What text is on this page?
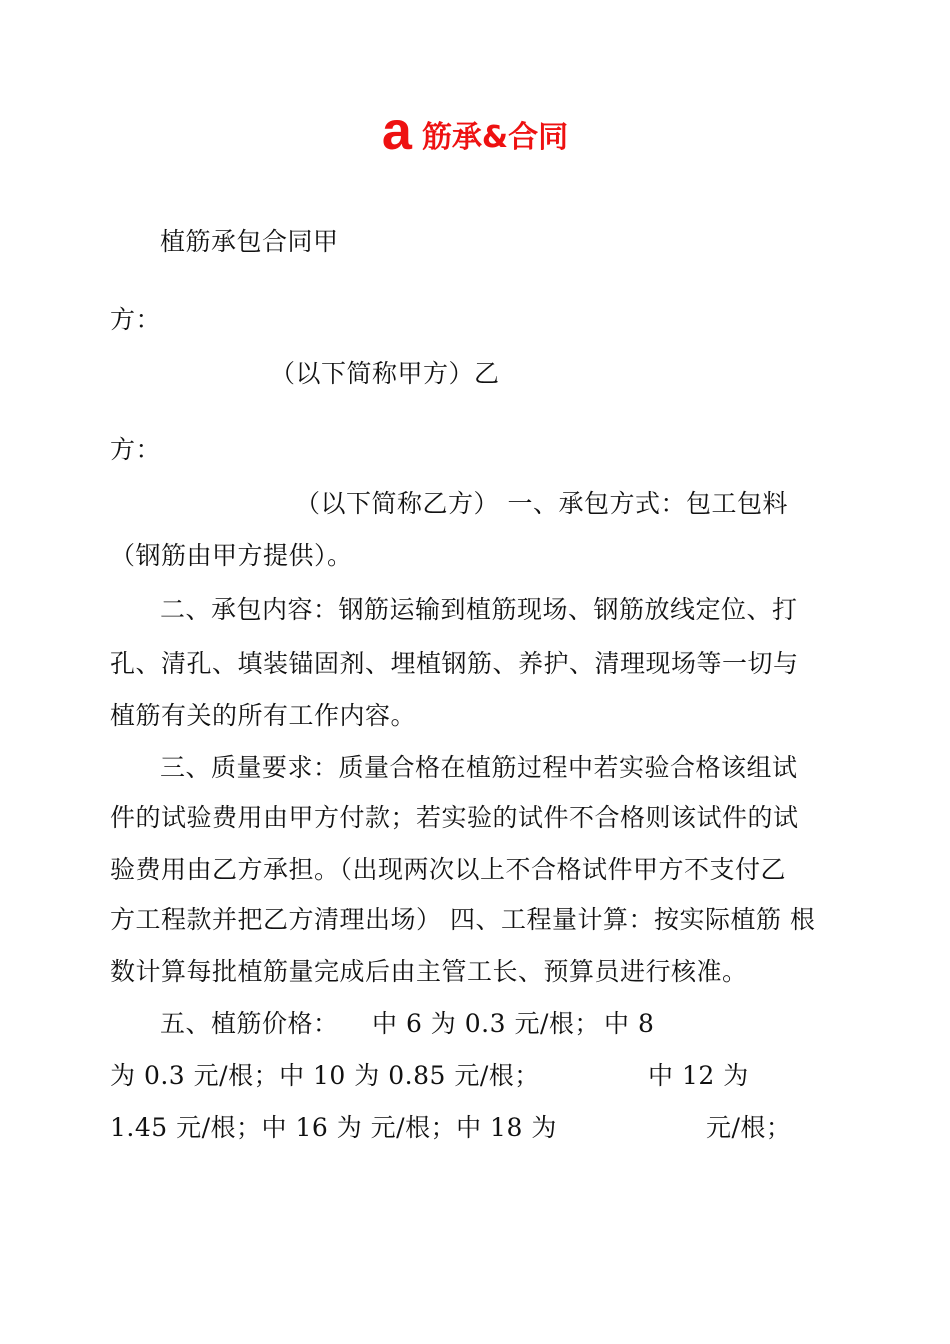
a筋承&合同
植筋承包合同甲
方：
（以下简称甲方）乙
方：
（以下简称乙方） 一、承包方式：包工包料
（钢筋由甲方提供）。
二、承包内容：钢筋运输到植筋现场、钢筋放线定位、打
孔、清孔、填装锚固剂、埋植钢筋、养护、清理现场等一切与
植筋有关的所有工作内容。
三、质量要求：质量合格在植筋过程中若实验合格该组试
件的试验费用由甲方付款；若实验的试件不合格则该试件的试
验费用由乙方承担。（出现两次以上不合格试件甲方不支付乙
方工程款并把乙方清理出场） 四、工程量计算：按实际植筋 根
数计算每批植筋量完成后由主管工长、预算员进行核准。
五、植筋价格： 中 6 为 0.3 元/根； 中 8
为 0.3 元/根；中 10 为 0.85 元/根；	中 12 为
1.45 元/根；中 16 为 元/根；中 18 为	元/根；
